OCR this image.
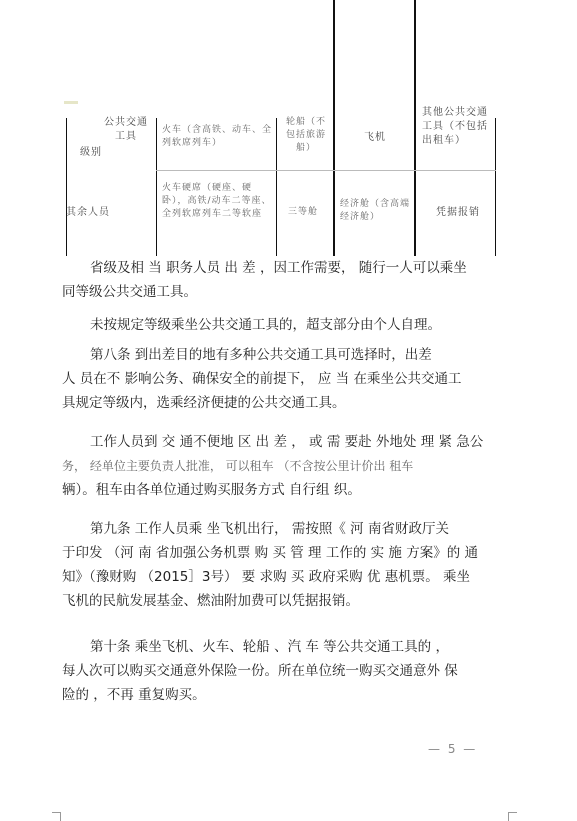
公共交通工具
级别
火车（含高铁、动车、全列软席列车）
轮船（不包括旅游船）
飞机
其他公共交通工具（不包括出租车）
其余人员
火车硬席（硬座、硬卧），高铁/动车二等座、全列软席列车二等软座	三等舱
经济舱（含高端经济舱）	凭据报销
省级及相 当 职务人员 出 差 ，因工作需要， 随行一人可以乘坐
同等级公共交通工具。
未按规定等级乘坐公共交通工具的，超支部分由个人自理。
第八条 到出差目的地有多种公共交通工具可选择时，出差
人 员在不 影响公务、确保安全的前提下， 应 当 在乘坐公共交通工
具规定等级内，选乘经济便捷的公共交通工具。
工作人员到 交 通不便地 区 出 差 ， 或 需 要赴 外地处 理 紧 急公
务， 经单位主要负责人批准， 可以租车 （不含按公里计价出 租车
辆）。租车由各单位通过购买服务方式 自行组 织。
第九条 工作人员乘 坐飞机出行， 需按照《 河 南省财政厅关
于印发 （河 南 省加强公务机票 购 买 管 理 工作的 实 施 方案》的 通
知》（豫财购 （2015］3号） 要 求购 买 政府采购 优 惠机票。 乘坐
飞机的民航发展基金、燃油附加费可以凭据报销。
第十条 乘坐飞机、火车、轮船 、汽 车 等公共交通工具的 ，
每人次可以购买交通意外保险一份。所在单位统一购买交通意外 保
险的 ，不再 重复购买。
— 5 —
